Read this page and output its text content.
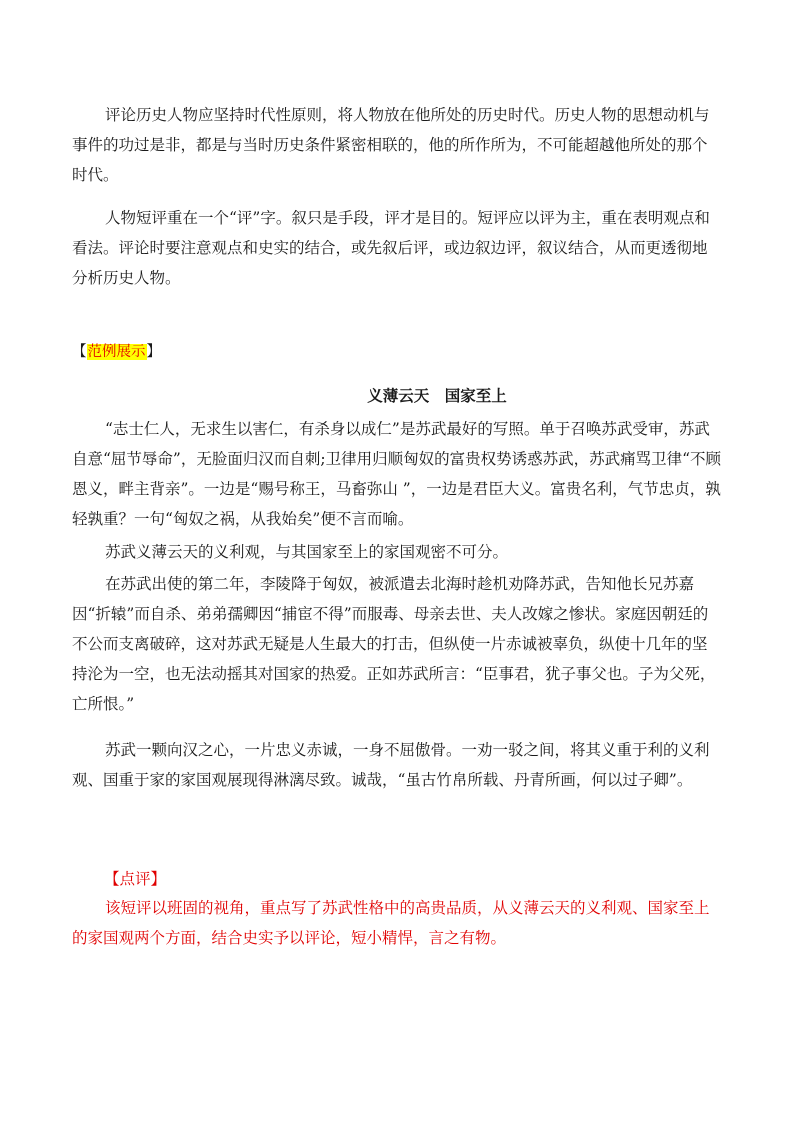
评论历史人物应坚持时代性原则，将人物放在他所处的历史时代。历史人物的思想动机与事件的功过是非，都是与当时历史条件紧密相联的，他的所作所为，不可能超越他所处的那个时代。

人物短评重在一个“评”字。叙只是手段，评才是目的。短评应以评为主，重在表明观点和看法。评论时要注意观点和史实的结合，或先叙后评，或边叙边评，叙议结合，从而更透彻地分析历史人物。

【范例展示】

义薄云天　国家至上

“志士仁人，无求生以害仁，有杀身以成仁”是苏武最好的写照。单于召唤苏武受审，苏武自意“屈节辱命”，无脸面归汉而自刺;卫律用归顺匈奴的富贵权势诱惑苏武，苏武痛骂卫律“不顾恩义，畔主背亲”。一边是“赐号称王，马畜弥山 ”，一边是君臣大义。富贵名利，气节忠贞，孰轻孰重？一句“匈奴之祸，从我始矣”便不言而喻。

苏武义薄云天的义利观，与其国家至上的家国观密不可分。

在苏武出使的第二年，李陵降于匈奴，被派遣去北海时趁机劝降苏武，告知他长兄苏嘉因“折辕”而自杀、弟弟孺卿因“捕宦不得”而服毒、母亲去世、夫人改嫁之惨状。家庭因朝廷的不公而支离破碎，这对苏武无疑是人生最大的打击，但纵使一片赤诚被辜负，纵使十几年的坚持沦为一空，也无法动摇其对国家的热爱。正如苏武所言：“臣事君，犹子事父也。子为父死，亡所恨。”

苏武一颗向汉之心，一片忠义赤诚，一身不屈傲骨。一劝一驳之间，将其义重于利的义利观、国重于家的家国观展现得淋漓尽致。诚哉，“虽古竹帛所载、丹青所画，何以过子卿”。

【点评】

该短评以班固的视角，重点写了苏武性格中的高贵品质，从义薄云天的义利观、国家至上的家国观两个方面，结合史实予以评论，短小精悍，言之有物。
